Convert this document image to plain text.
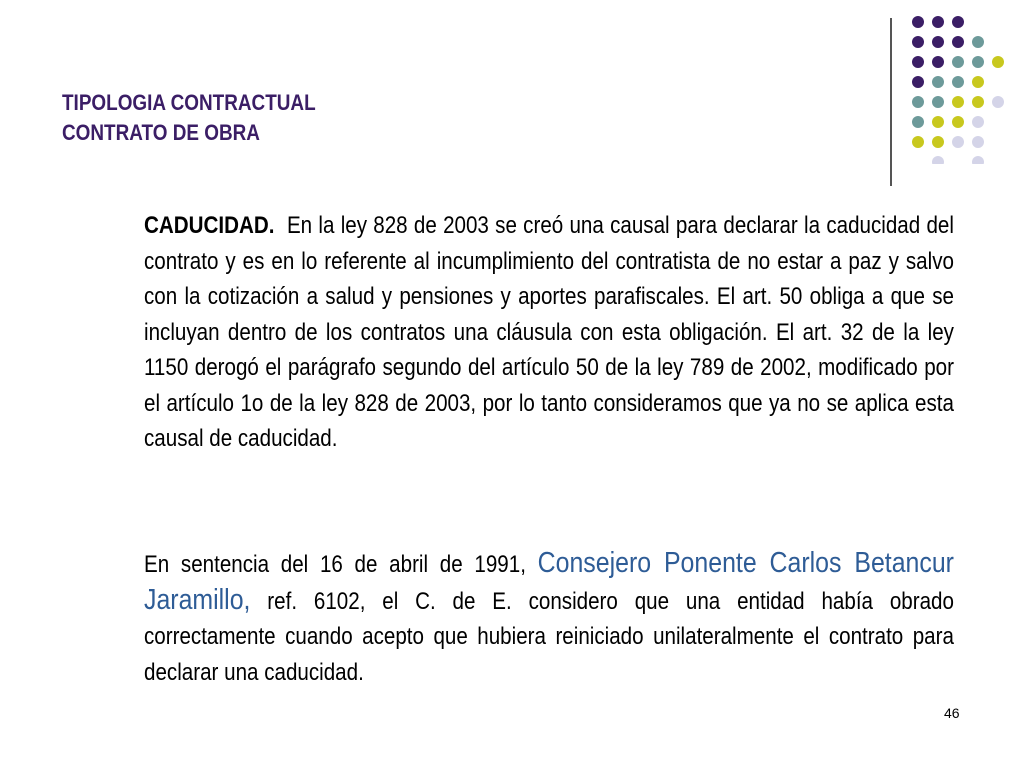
TIPOLOGIA CONTRACTUAL
CONTRATO DE OBRA
CADUCIDAD. En la ley 828 de 2003 se creó una causal para declarar la caducidad del contrato y es en lo referente al incumplimiento del contratista de no estar a paz y salvo con la cotización a salud y pensiones y aportes parafiscales. El art. 50 obliga a que se incluyan dentro de los contratos una cláusula con esta obligación. El art. 32 de la ley 1150 derogó el parágrafo segundo del artículo 50 de la ley 789 de 2002, modificado por el artículo 1o de la ley 828 de 2003, por lo tanto consideramos que ya no se aplica esta causal de caducidad.
En sentencia del 16 de abril de 1991, Consejero Ponente Carlos Betancur Jaramillo, ref. 6102, el C. de E. considero que una entidad había obrado correctamente cuando acepto que hubiera reiniciado unilateralmente el contrato para declarar una caducidad.
46
